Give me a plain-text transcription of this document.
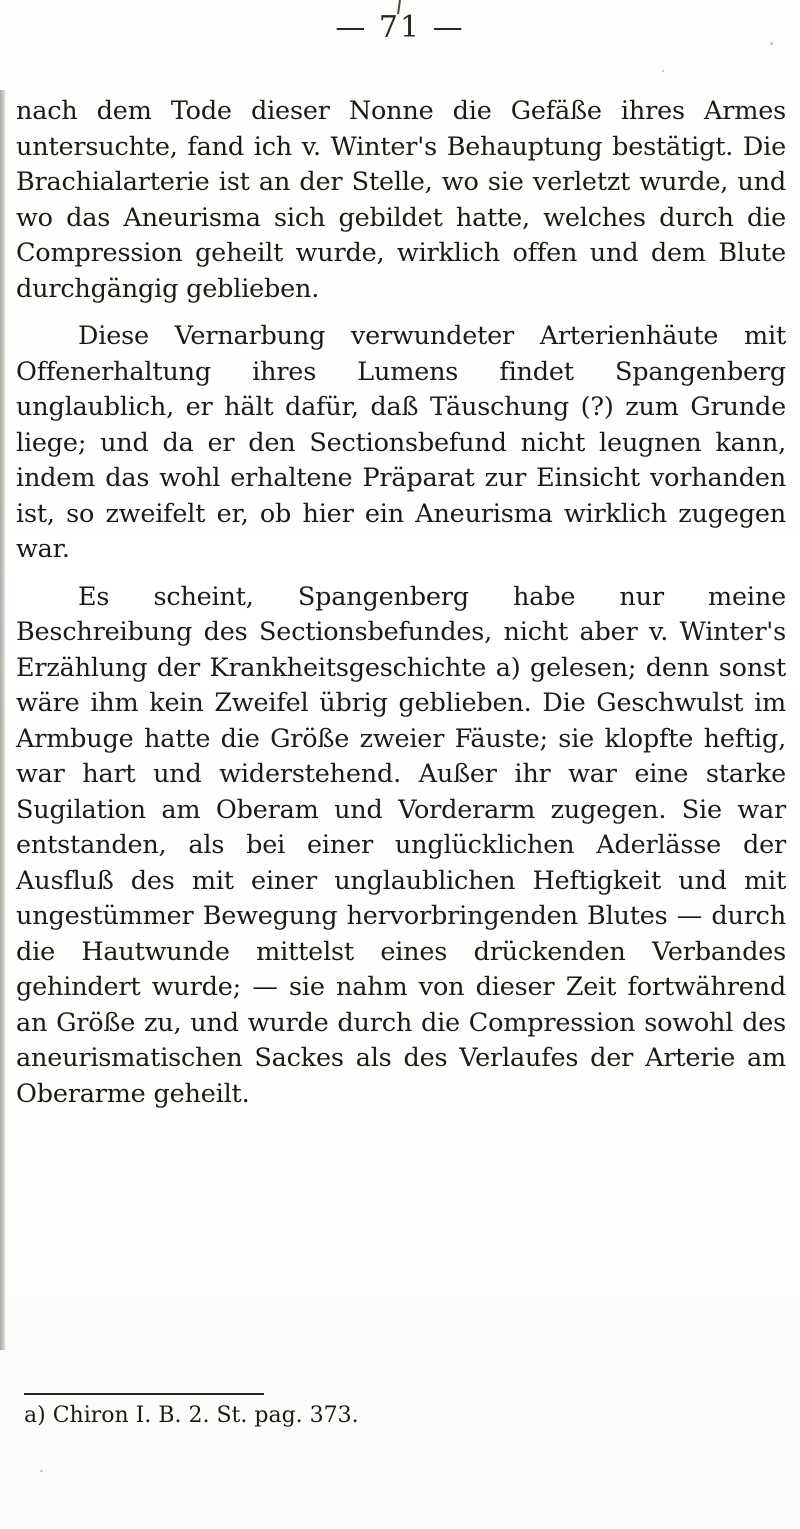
— 71 —

nach dem Tode dieser Nonne die Gefäße ihres Armes untersuchte, fand ich v. Winter's Behauptung bestätigt. Die Brachialarterie ist an der Stelle, wo sie verletzt wurde, und wo das Aneurisma sich gebildet hatte, welches durch die Compression geheilt wurde, wirklich offen und dem Blute durchgängig geblieben.

Diese Vernarbung verwundeter Arterienhäute mit Offenerhaltung ihres Lumens findet Spangenberg unglaublich, er hält dafür, daß Täuschung (?) zum Grunde liege; und da er den Sectionsbefund nicht leugnen kann, indem das wohl erhaltene Präparat zur Einsicht vorhanden ist, so zweifelt er, ob hier ein Aneurisma wirklich zugegen war.

Es scheint, Spangenberg habe nur meine Beschreibung des Sectionsbefundes, nicht aber v. Winter's Erzählung der Krankheitsgeschichte a) gelesen; denn sonst wäre ihm kein Zweifel übrig geblieben. Die Geschwulst im Armbuge hatte die Größe zweier Fäuste; sie klopfte heftig, war hart und widerstehend. Außer ihr war eine starke Sugilation am Oberam und Vorderarm zugegen. Sie war entstanden, als bei einer unglücklichen Aderlässe der Ausfluß des mit einer unglaublichen Heftigkeit und mit ungestümmer Bewegung hervorbringenden Blutes — durch die Hautwunde mittelst eines drückenden Verbandes gehindert wurde; — sie nahm von dieser Zeit fortwährend an Größe zu, und wurde durch die Compression sowohl des aneurismatischen Sackes als des Verlaufes der Arterie am Oberarme geheilt.

a) Chiron I. B. 2. St. pag. 373.
